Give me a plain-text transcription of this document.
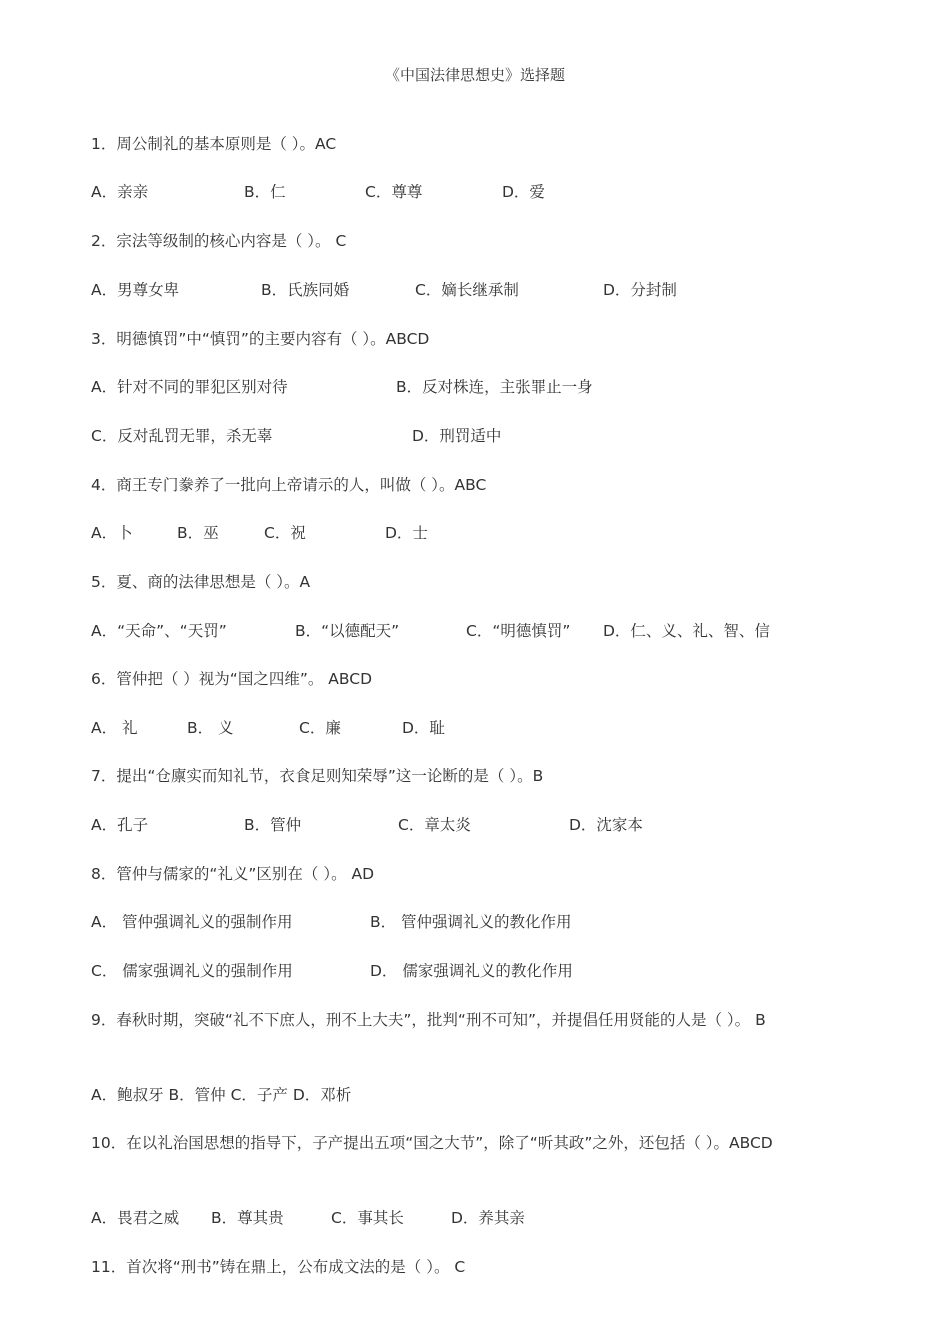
《中国法律思想史》选择题
1．周公制礼的基本原则是（ ）。AC
A．亲亲	B．仁	C．尊尊	D．爱
2．宗法等级制的核心内容是（ ）。 C
A．男尊女卑	B．氏族同婚	C．嫡长继承制	D．分封制
3．明德慎罚”中“慎罚”的主要内容有（ ）。ABCD
A．针对不同的罪犯区别对待	B．反对株连，主张罪止一身
C．反对乱罚无罪，杀无辜	D．刑罚适中
4．商王专门豢养了一批向上帝请示的人，叫做（ ）。ABC
A．卜	B．巫	C．祝	D．士
5．夏、商的法律思想是（ ）。A
A．“天命”、“天罚”	B．“以德配天”	C．“明德慎罚” D．仁、义、礼、智、信
6．管仲把（ ）视为“国之四维”。 ABCD
A． 礼	B． 义	C．廉	D．耻
7．提出“仓廪实而知礼节，衣食足则知荣辱”这一论断的是（ ）。B
A．孔子	B．管仲	C．章太炎	D．沈家本
8．管仲与儒家的“礼义”区别在（ ）。 AD
A． 管仲强调礼义的强制作用	B． 管仲强调礼义的教化作用
C． 儒家强调礼义的强制作用	D． 儒家强调礼义的教化作用
9．春秋时期，突破“礼不下庶人，刑不上大夫”，批判“刑不可知”，并提倡任用贤能的人是（ ）。 B
A．鲍叔牙 B．管仲 C．子产 D．邓析
10．在以礼治国思想的指导下，子产提出五项“国之大节”，除了“听其政”之外，还包括（ ）。ABCD
A．畏君之威 B．尊其贵	C．事其长	D．养其亲
11．首次将“刑书”铸在鼎上，公布成文法的是（ ）。 C
